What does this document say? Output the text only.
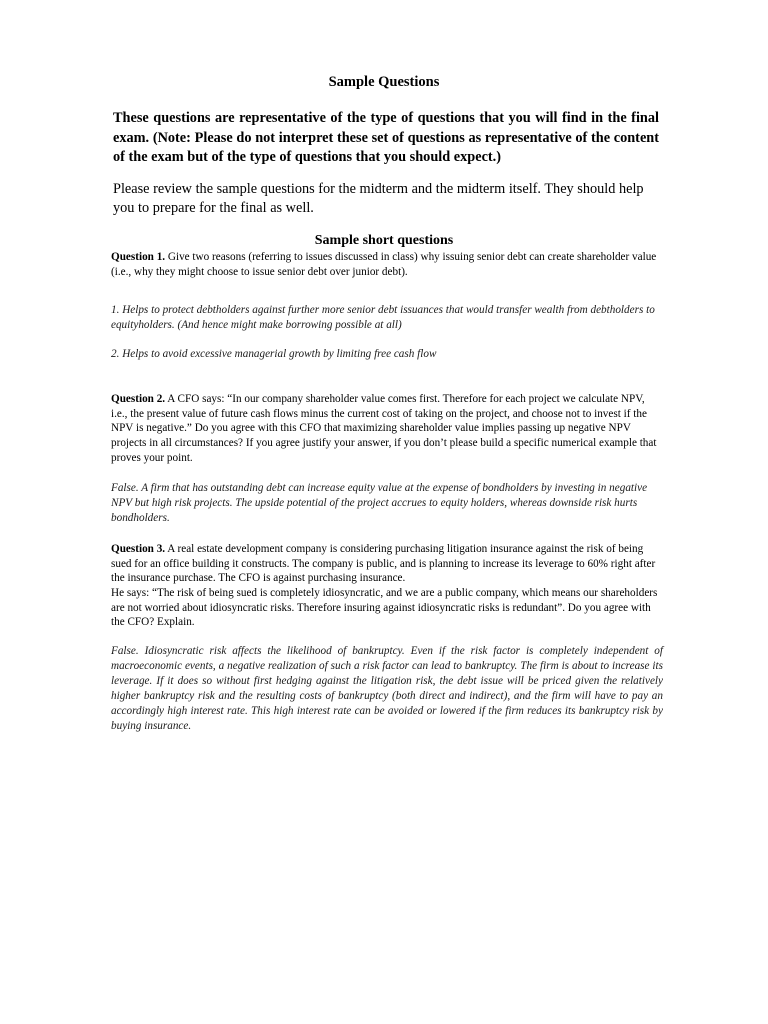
Sample Questions
These questions are representative of the type of questions that you will find in the final exam. (Note: Please do not interpret these set of questions as representative of the content of the exam but of the type of questions that you should expect.)
Please review the sample questions for the midterm and the midterm itself. They should help you to prepare for the final as well.
Sample short questions
Question 1. Give two reasons (referring to issues discussed in class) why issuing senior debt can create shareholder value (i.e., why they might choose to issue senior debt over junior debt).
1. Helps to protect debtholders against further more senior debt issuances that would transfer wealth from debtholders to equityholders. (And hence might make borrowing possible at all)
2. Helps to avoid excessive managerial growth by limiting free cash flow
Question 2. A CFO says: “In our company shareholder value comes first. Therefore for each project we calculate NPV, i.e., the present value of future cash flows minus the current cost of taking on the project, and choose not to invest if the NPV is negative.” Do you agree with this CFO that maximizing shareholder value implies passing up negative NPV projects in all circumstances? If you agree justify your answer, if you don’t please build a specific numerical example that proves your point.
False. A firm that has outstanding debt can increase equity value at the expense of bondholders by investing in negative NPV but high risk projects. The upside potential of the project accrues to equity holders, whereas downside risk hurts bondholders.
Question 3. A real estate development company is considering purchasing litigation insurance against the risk of being sued for an office building it constructs. The company is public, and is planning to increase its leverage to 60% right after the insurance purchase. The CFO is against purchasing insurance.
He says: “The risk of being sued is completely idiosyncratic, and we are a public company, which means our shareholders are not worried about idiosyncratic risks. Therefore insuring against idiosyncratic risks is redundant”. Do you agree with the CFO? Explain.
False. Idiosyncratic risk affects the likelihood of bankruptcy. Even if the risk factor is completely independent of macroeconomic events, a negative realization of such a risk factor can lead to bankruptcy. The firm is about to increase its leverage. If it does so without first hedging against the litigation risk, the debt issue will be priced given the relatively higher bankruptcy risk and the resulting costs of bankruptcy (both direct and indirect), and the firm will have to pay an accordingly high interest rate. This high interest rate can be avoided or lowered if the firm reduces its bankruptcy risk by buying insurance.
